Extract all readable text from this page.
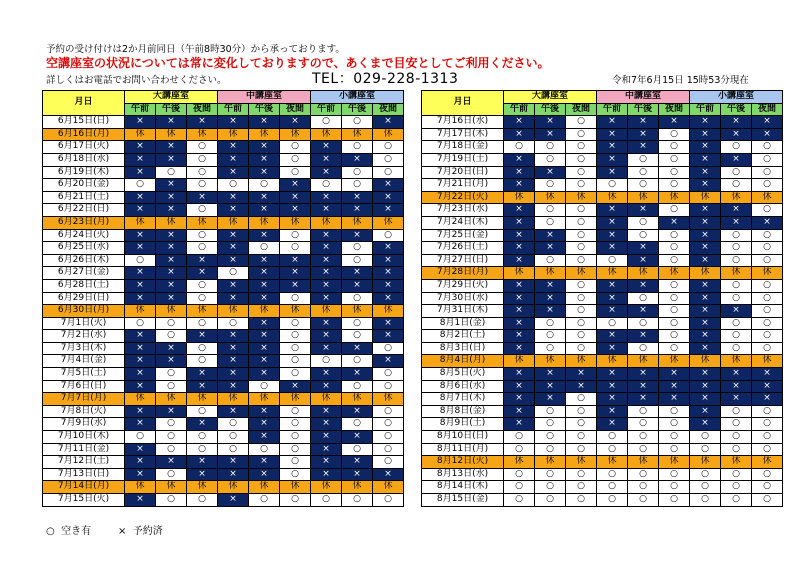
予約の受け付けは2か月前同日（午前8時30分）から承っております。
空講座室の状況については常に変化しておりますので、あくまで目安としてご利用ください。
詳しくはお電話でお問い合わせください。	TEL：029-228-1313	令和7年6月15日 15時53分現在
月日	大講座室			中講座室			小講座室		
	午前	午後	夜間	午前	午後	夜間	午前	午後	夜間
6月15日(日)	×	×	×	×	×	×	○	○	×
6月16日(月)	休	休	休	休	休	休	休	休	休
6月17日(火)	×	×	○	×	×	○	×	○	○
6月18日(水)	×	×	○	×	×	○	×	×	○
6月19日(木)	×	○	○	×	×	○	×	○	○
6月20日(金)	○	×	○	○	○	×	○	○	×
6月21日(土)	×	×	×	×	×	×	×	×	×
6月22日(日)	×	×	○	×	×	×	×	×	×
6月23日(月)	休	休	休	休	休	休	休	休	休
6月24日(火)	×	×	○	×	×	○	×	×	○
6月25日(水)	×	×	○	×	○	○	×	○	×
6月26日(木)	○	×	×	×	×	×	×	○	×
6月27日(金)	×	×	×	○	×	×	×	×	×
6月28日(土)	×	×	○	×	×	×	×	×	×
6月29日(日)	×	×	○	×	×	○	×	○	×
6月30日(月)	休	休	休	休	休	休	休	休	休
7月1日(火)	○	○	○	○	×	○	×	○	×
7月2日(水)	×	○	×	×	×	○	×	○	×
7月3日(木)	×	×	○	×	×	○	×	×	○
7月4日(金)	×	×	○	×	×	○	○	○	×
7月5日(土)	×	○	×	×	×	○	×	×	○
7月6日(日)	×	○	×	×	○	×	×	○	○
7月7日(月)	休	休	休	休	休	休	休	休	休
7月8日(火)	×	×	○	×	×	○	×	×	○
7月9日(水)	×	○	×	○	×	○	×	○	○
7月10日(木)	○	○	○	○	×	○	×	×	○
7月11日(金)	×	○	○	○	○	○	×	○	○
7月12日(土)	×	×	×	×	×	○	×	×	○
7月13日(日)	×	○	×	×	×	○	×	×	×
7月14日(月)	休	休	休	休	休	休	休	休	休
7月15日(火)	×	○	○	×	○	○	○	○	○
月日	大講座室			中講座室			小講座室		
	午前	午後	夜間	午前	午後	夜間	午前	午後	夜間
7月16日(水)	×	×	○	×	×	×	×	×	×
7月17日(木)	×	×	○	×	×	○	×	×	×
7月18日(金)	○	○	○	×	×	○	×	○	○
7月19日(土)	×	○	○	×	○	○	×	×	○
7月20日(日)	×	×	○	×	○	○	×	○	○
7月21日(月)	×	○	○	○	○	○	×	○	○
7月22日(火)	休	休	休	休	休	休	休	休	休
7月23日(水)	×	○	○	×	×	○	×	×	○
7月24日(木)	×	○	○	×	○	×	×	×	×
7月25日(金)	×	×	○	×	○	○	×	○	○
7月26日(土)	×	×	○	×	×	○	×	○	○
7月27日(日)	×	○	○	○	×	○	×	○	○
7月28日(月)	休	休	休	休	休	休	休	休	休
7月29日(火)	×	×	○	×	×	○	×	○	○
7月30日(水)	×	×	○	×	○	○	×	○	○
7月31日(木)	×	×	○	×	×	○	×	×	○
8月1日(金)	×	○	○	○	○	○	×	○	○
8月2日(土)	×	○	○	×	×	○	×	○	○
8月3日(日)	×	○	○	×	○	○	×	○	○
8月4日(月)	休	休	休	休	休	休	休	休	休
8月5日(火)	×	×	×	×	×	×	×	×	×
8月6日(水)	×	×	×	×	×	×	×	×	×
8月7日(木)	×	×	○	×	×	×	×	×	×
8月8日(金)	×	○	○	×	○	○	×	○	○
8月9日(土)	×	○	○	×	○	○	×	○	○
8月10日(日)	○	○	○	○	○	○	○	○	○
8月11日(月)	○	○	○	○	○	○	○	○	○
8月12日(火)	休	休	休	休	休	休	休	休	休
8月13日(水)	○	○	○	○	○	○	○	○	○
8月14日(木)	○	○	○	○	○	○	○	○	○
8月15日(金)	○	○	○	○	○	○	○	○	○
○ 空き有	× 予約済
